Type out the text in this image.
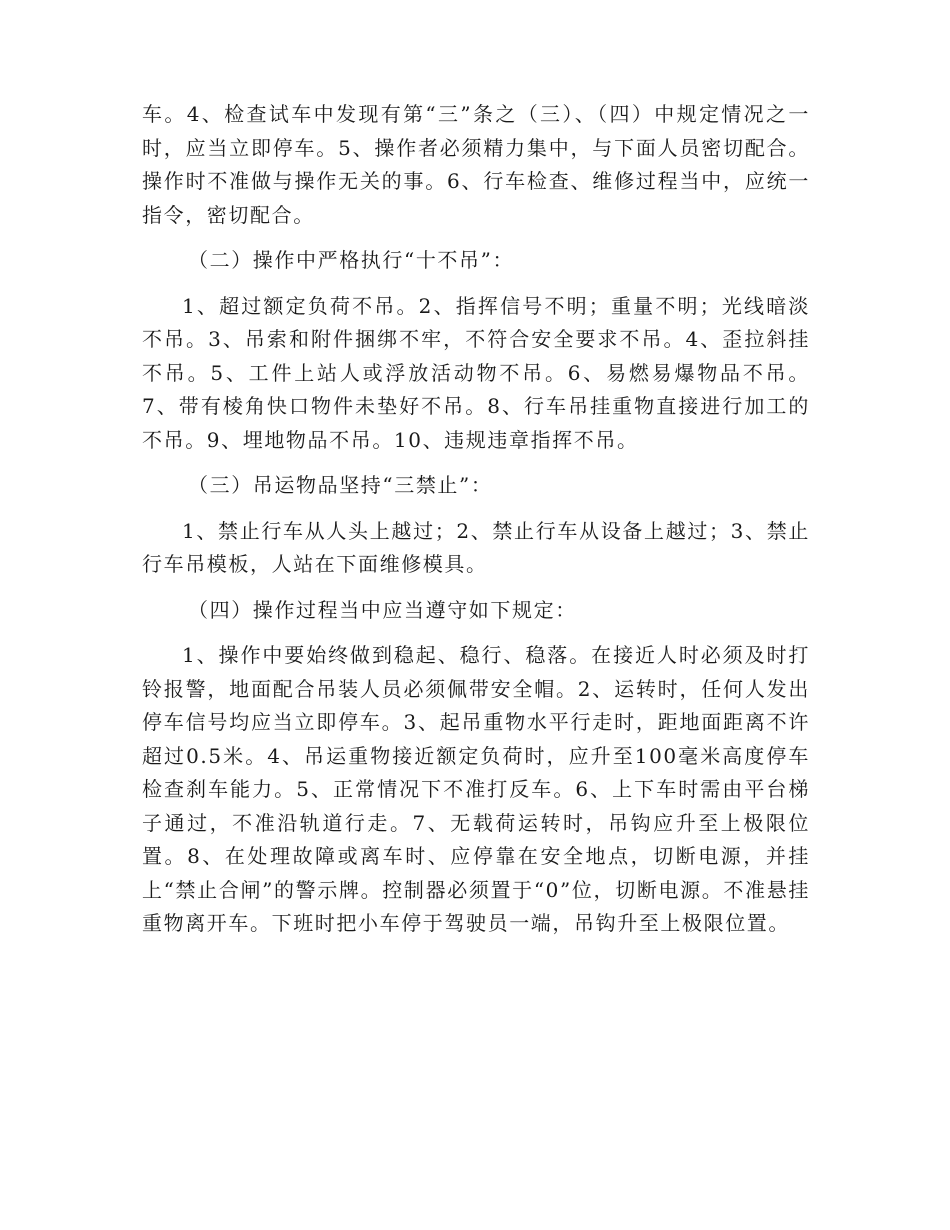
车。4、检查试车中发现有第“三”条之（三）、（四）中规定情况之一时，应当立即停车。5、操作者必须精力集中，与下面人员密切配合。操作时不准做与操作无关的事。6、行车检查、维修过程当中，应统一指令，密切配合。

（二）操作中严格执行“十不吊”：

1、超过额定负荷不吊。2、指挥信号不明；重量不明；光线暗淡不吊。3、吊索和附件捆绑不牢，不符合安全要求不吊。4、歪拉斜挂不吊。5、工件上站人或浮放活动物不吊。6、易燃易爆物品不吊。7、带有棱角快口物件未垫好不吊。8、行车吊挂重物直接进行加工的不吊。9、埋地物品不吊。10、违规违章指挥不吊。

（三）吊运物品坚持“三禁止”：

1、禁止行车从人头上越过；2、禁止行车从设备上越过；3、禁止行车吊模板，人站在下面维修模具。

（四）操作过程当中应当遵守如下规定：

1、操作中要始终做到稳起、稳行、稳落。在接近人时必须及时打铃报警，地面配合吊装人员必须佩带安全帽。2、运转时，任何人发出停车信号均应当立即停车。3、起吊重物水平行走时，距地面距离不许超过0.5米。4、吊运重物接近额定负荷时，应升至100毫米高度停车检查刹车能力。5、正常情况下不准打反车。6、上下车时需由平台梯子通过，不准沿轨道行走。7、无载荷运转时，吊钩应升至上极限位置。8、在处理故障或离车时、应停靠在安全地点，切断电源，并挂上“禁止合闸”的警示牌。控制器必须置于“0”位，切断电源。不准悬挂重物离开车。下班时把小车停于驾驶员一端，吊钩升至上极限位置。
